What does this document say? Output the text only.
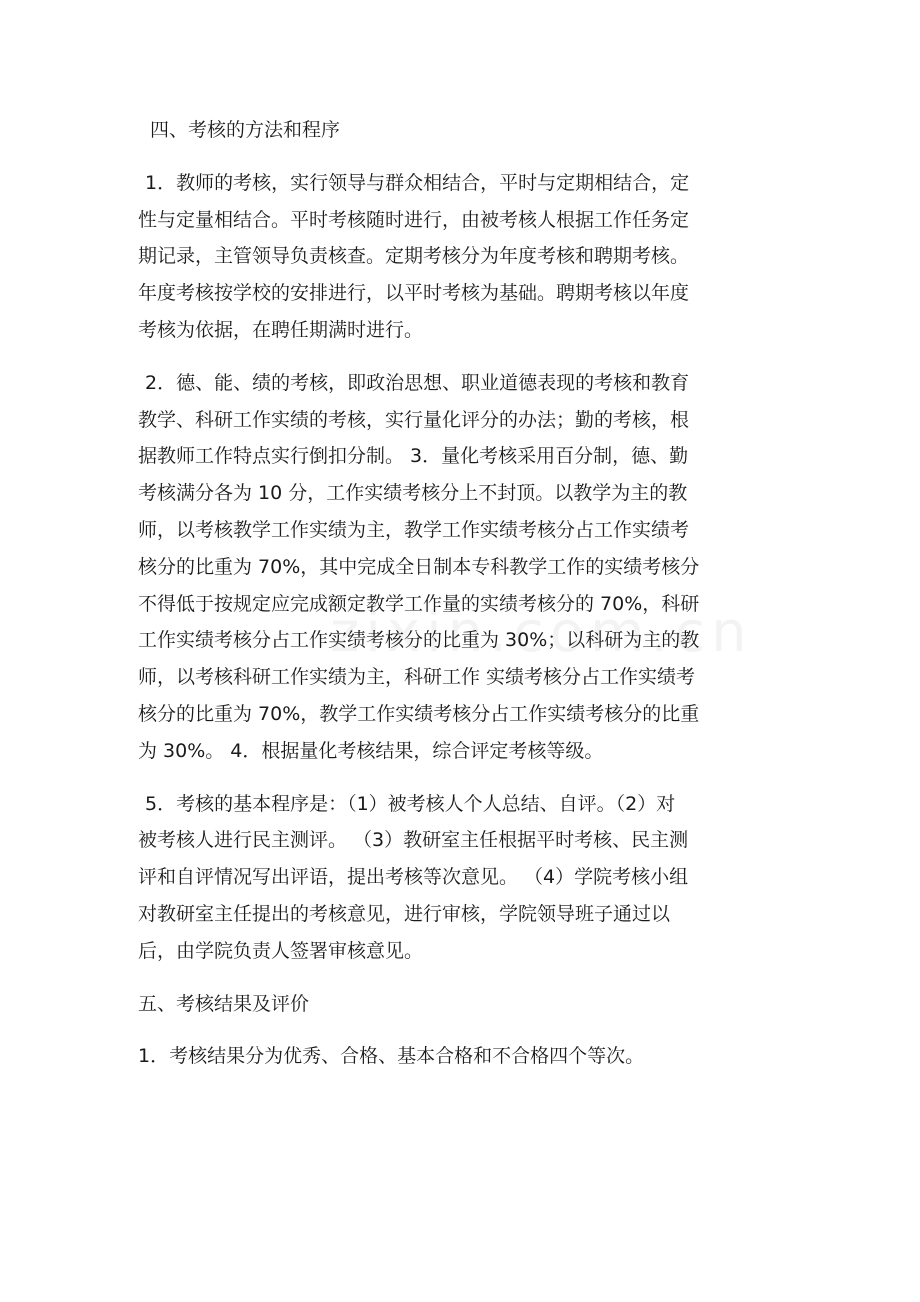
四、考核的方法和程序
1．教师的考核，实行领导与群众相结合，平时与定期相结合，定
性与定量相结合。平时考核随时进行，由被考核人根据工作任务定
期记录，主管领导负责核查。定期考核分为年度考核和聘期考核。
年度考核按学校的安排进行，以平时考核为基础。聘期考核以年度
考核为依据，在聘任期满时进行。
2．德、能、绩的考核，即政治思想、职业道德表现的考核和教育
教学、科研工作实绩的考核，实行量化评分的办法；勤的考核，根
据教师工作特点实行倒扣分制。 3．量化考核采用百分制，德、勤
考核满分各为 10 分，工作实绩考核分上不封顶。以教学为主的教
师，以考核教学工作实绩为主，教学工作实绩考核分占工作实绩考
核分的比重为 70%，其中完成全日制本专科教学工作的实绩考核分
不得低于按规定应完成额定教学工作量的实绩考核分的 70%，科研
工作实绩考核分占工作实绩考核分的比重为 30%；以科研为主的教
师，以考核科研工作实绩为主，科研工作 实绩考核分占工作实绩考
核分的比重为 70%，教学工作实绩考核分占工作实绩考核分的比重
为 30%。 4．根据量化考核结果，综合评定考核等级。
5．考核的基本程序是：（1）被考核人个人总结、自评。（2）对
被考核人进行民主测评。 （3）教研室主任根据平时考核、民主测
评和自评情况写出评语，提出考核等次意见。 （4）学院考核小组
对教研室主任提出的考核意见，进行审核，学院领导班子通过以
后，由学院负责人签署审核意见。
五、考核结果及评价
1．考核结果分为优秀、合格、基本合格和不合格四个等次。
